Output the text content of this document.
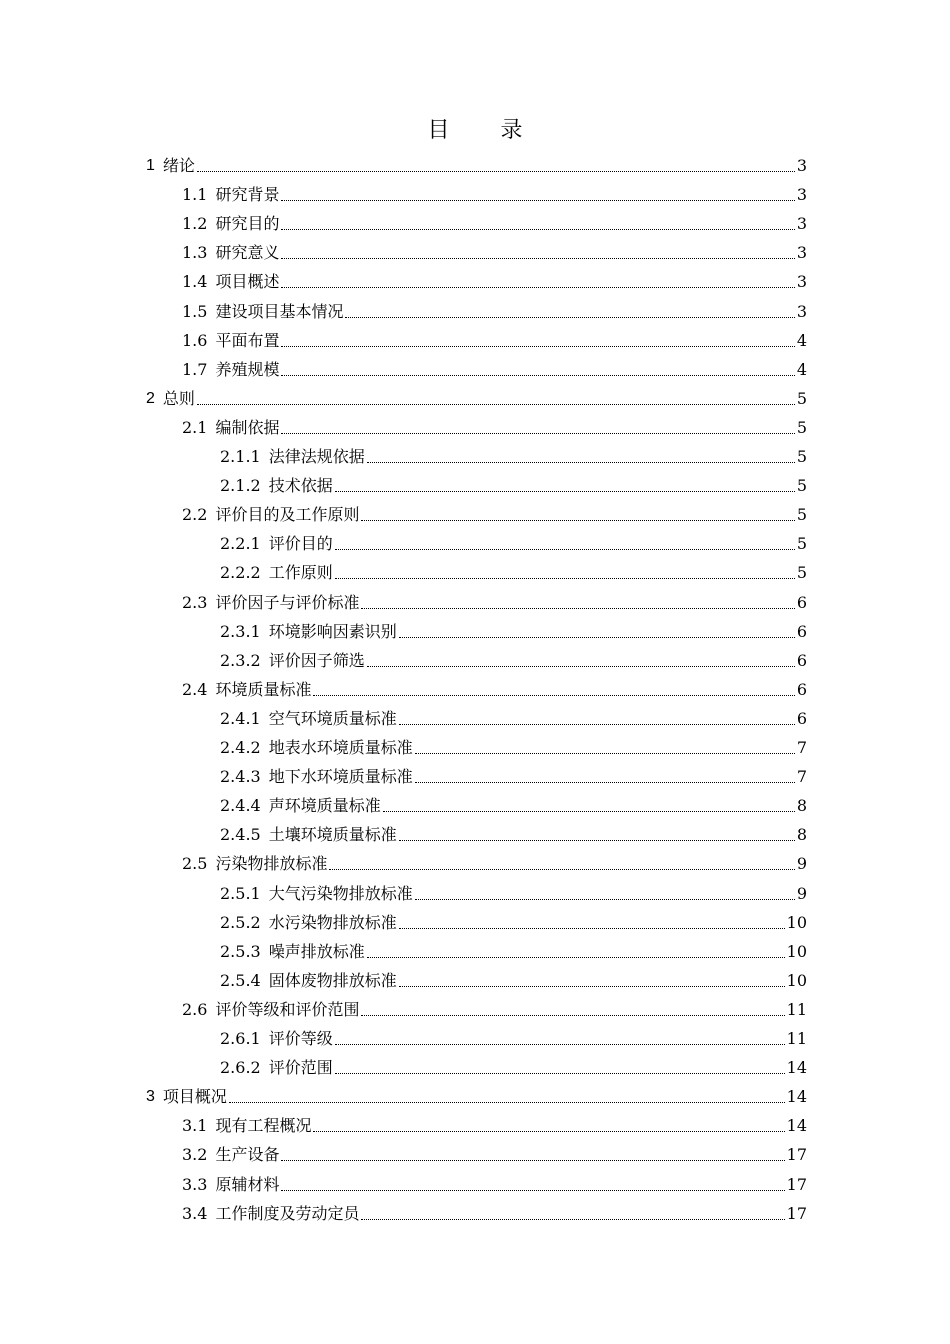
目 录
1 绪论	3
1.1 研究背景	3
1.2 研究目的	3
1.3 研究意义	3
1.4 项目概述	3
1.5 建设项目基本情况	3
1.6 平面布置	4
1.7 养殖规模	4
2 总则	5
2.1 编制依据	5
2.1.1 法律法规依据	5
2.1.2 技术依据	5
2.2 评价目的及工作原则	5
2.2.1 评价目的	5
2.2.2 工作原则	5
2.3 评价因子与评价标准	6
2.3.1 环境影响因素识别	6
2.3.2 评价因子筛选	6
2.4 环境质量标准	6
2.4.1 空气环境质量标准	6
2.4.2 地表水环境质量标准	7
2.4.3 地下水环境质量标准	7
2.4.4 声环境质量标准	8
2.4.5 土壤环境质量标准	8
2.5 污染物排放标准	9
2.5.1 大气污染物排放标准	9
2.5.2 水污染物排放标准	10
2.5.3 噪声排放标准	10
2.5.4 固体废物排放标准	10
2.6 评价等级和评价范围	11
2.6.1 评价等级	11
2.6.2 评价范围	14
3 项目概况	14
3.1 现有工程概况	14
3.2 生产设备	17
3.3 原辅材料	17
3.4 工作制度及劳动定员	17
